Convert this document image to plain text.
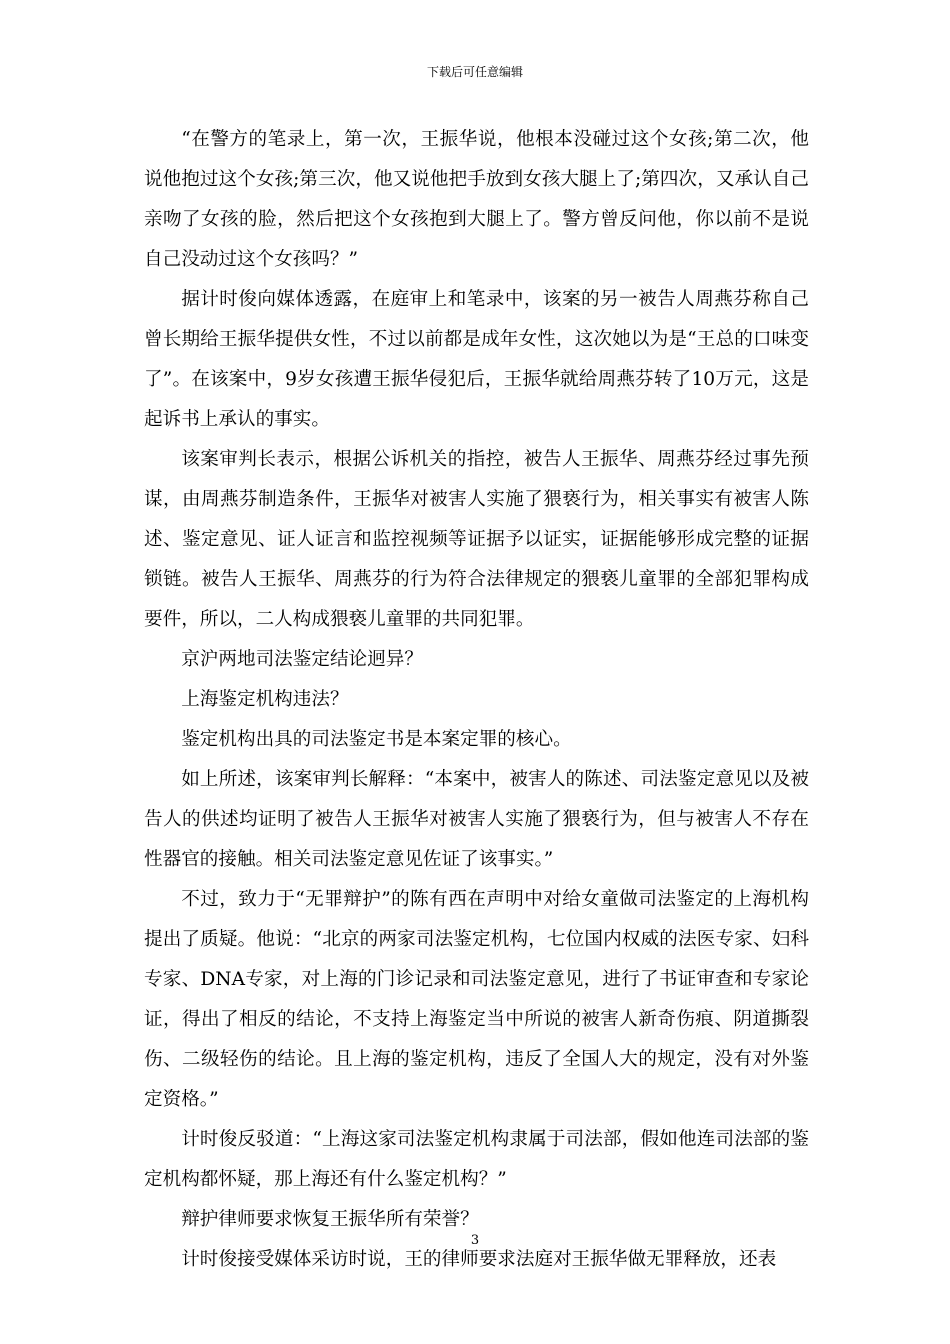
下载后可任意编辑

“在警方的笔录上，第一次，王振华说，他根本没碰过这个女孩;第二次，他说他抱过这个女孩;第三次，他又说他把手放到女孩大腿上了;第四次，又承认自己亲吻了女孩的脸，然后把这个女孩抱到大腿上了。警方曾反问他，你以前不是说自己没动过这个女孩吗？”

据计时俊向媒体透露，在庭审上和笔录中，该案的另一被告人周燕芬称自己曾长期给王振华提供女性，不过以前都是成年女性，这次她以为是“王总的口味变了”。在该案中，9岁女孩遭王振华侵犯后，王振华就给周燕芬转了10万元，这是起诉书上承认的事实。

该案审判长表示，根据公诉机关的指控，被告人王振华、周燕芬经过事先预谋，由周燕芬制造条件，王振华对被害人实施了猥亵行为，相关事实有被害人陈述、鉴定意见、证人证言和监控视频等证据予以证实，证据能够形成完整的证据锁链。被告人王振华、周燕芬的行为符合法律规定的猥亵儿童罪的全部犯罪构成要件，所以，二人构成猥亵儿童罪的共同犯罪。

京沪两地司法鉴定结论迥异？

上海鉴定机构违法？

鉴定机构出具的司法鉴定书是本案定罪的核心。

如上所述，该案审判长解释：“本案中，被害人的陈述、司法鉴定意见以及被告人的供述均证明了被告人王振华对被害人实施了猥亵行为，但与被害人不存在性器官的接触。相关司法鉴定意见佐证了该事实。”

不过，致力于“无罪辩护”的陈有西在声明中对给女童做司法鉴定的上海机构提出了质疑。他说：“北京的两家司法鉴定机构，七位国内权威的法医专家、妇科专家、DNA专家，对上海的门诊记录和司法鉴定意见，进行了书证审查和专家论证，得出了相反的结论，不支持上海鉴定当中所说的被害人新奇伤痕、阴道撕裂伤、二级轻伤的结论。且上海的鉴定机构，违反了全国人大的规定，没有对外鉴定资格。”

计时俊反驳道：“上海这家司法鉴定机构隶属于司法部，假如他连司法部的鉴定机构都怀疑，那上海还有什么鉴定机构？”

辩护律师要求恢复王振华所有荣誉？

计时俊接受媒体采访时说，王的律师要求法庭对王振华做无罪释放，还表

3
